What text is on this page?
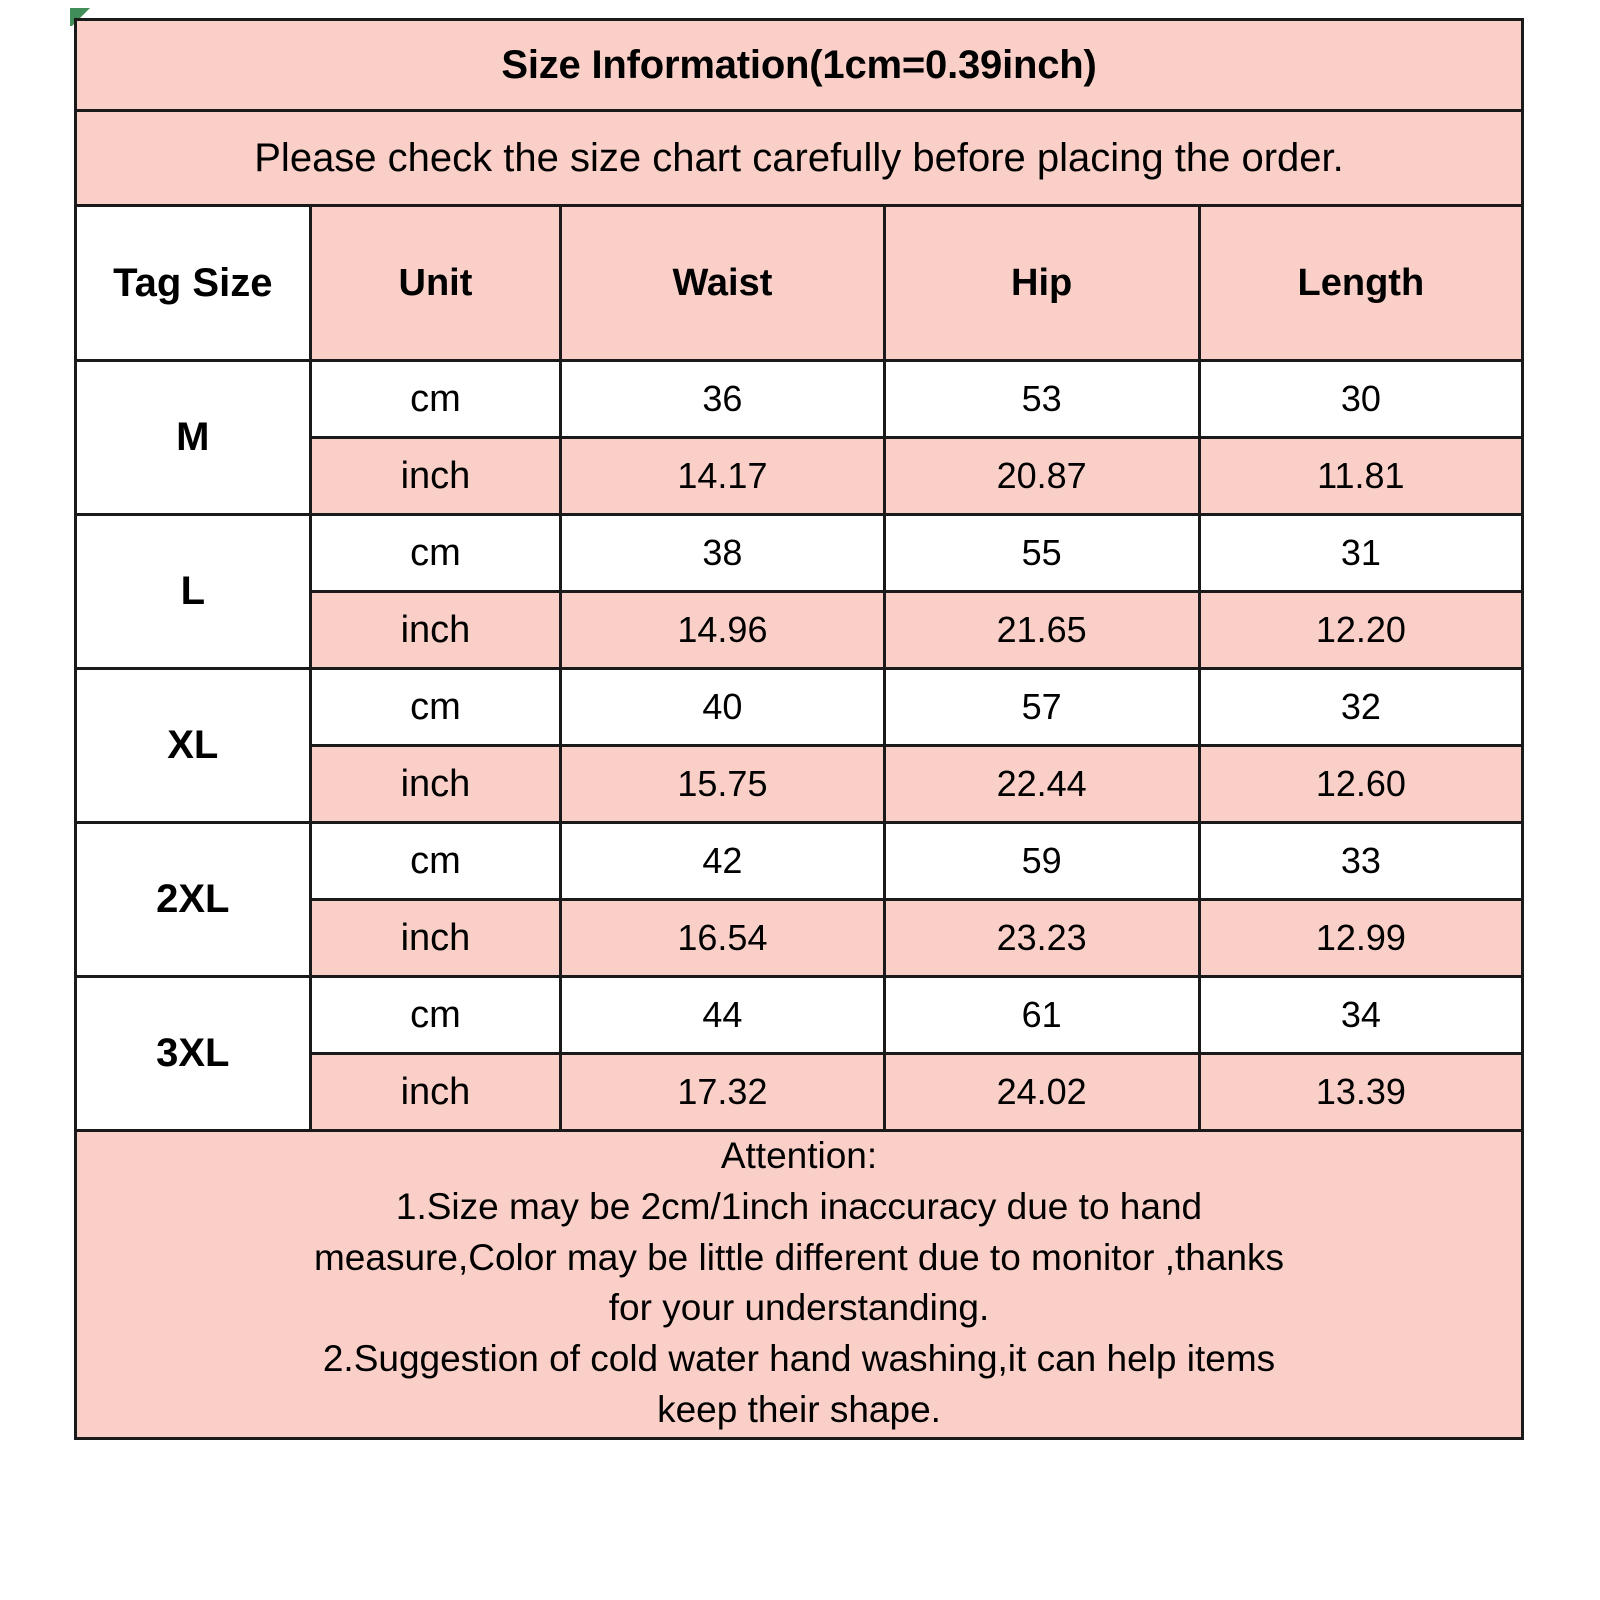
Size Information(1cm=0.39inch)				
Please check the size chart carefully before placing the order.				
Tag Size	Unit	Waist	Hip	Length
M	cm	36	53	30
	inch	14.17	20.87	11.81
L	cm	38	55	31
	inch	14.96	21.65	12.20
XL	cm	40	57	32
	inch	15.75	22.44	12.60
2XL	cm	42	59	33
	inch	16.54	23.23	12.99
3XL	cm	44	61	34
	inch	17.32	24.02	13.39

Attention:

1.Size may be 2cm/1inch inaccuracy due to hand

measure,Color may be little different due to monitor ,thanks

for your understanding.

2.Suggestion of cold water hand washing,it can help items

keep their shape.
